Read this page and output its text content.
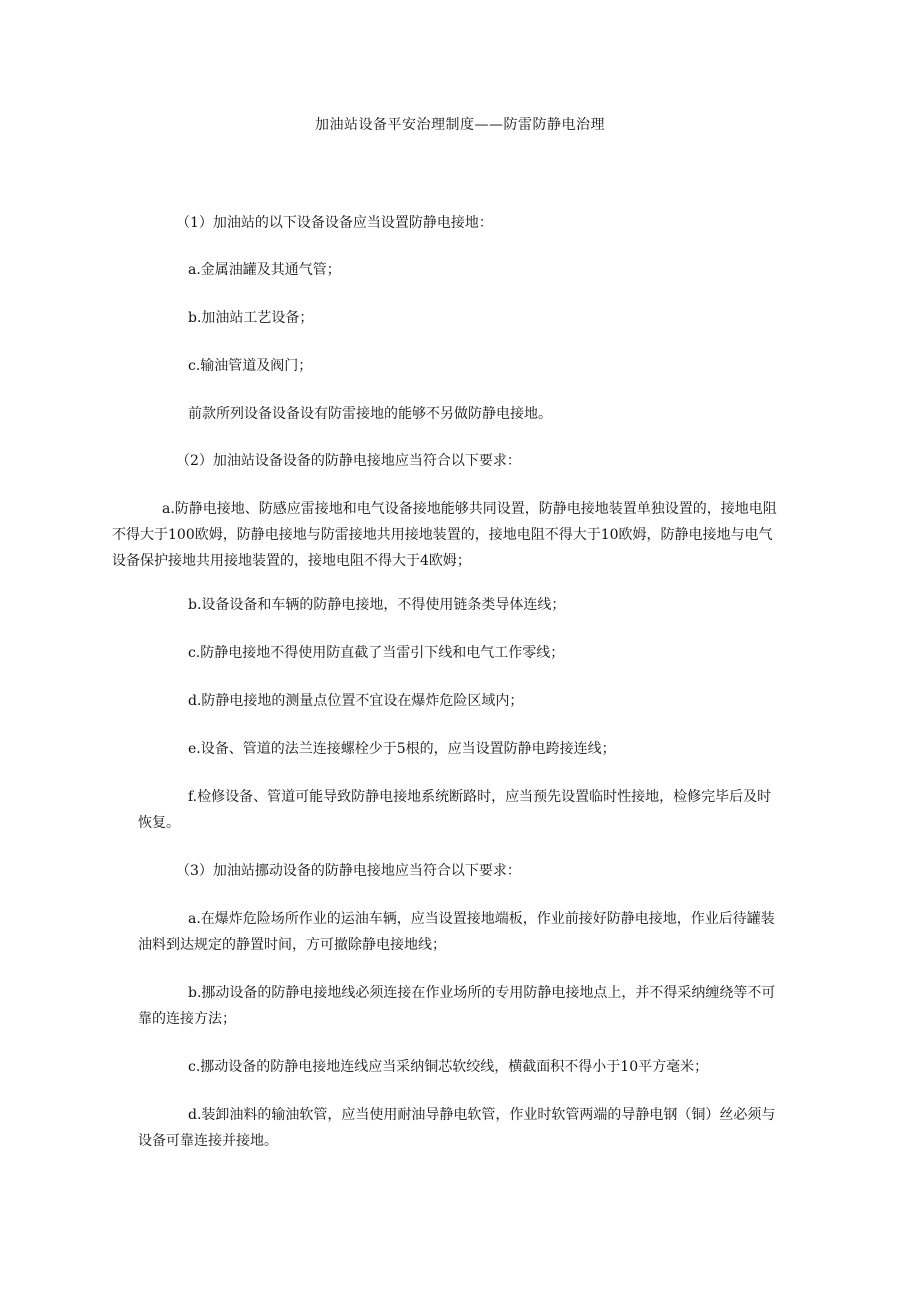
加油站设备平安治理制度——防雷防静电治理

（1）加油站的以下设备设备应当设置防静电接地：

a.金属油罐及其通气管；

b.加油站工艺设备；

c.输油管道及阀门；

前款所列设备设备设有防雷接地的能够不另做防静电接地。

（2）加油站设备设备的防静电接地应当符合以下要求：

a.防静电接地、防感应雷接地和电气设备接地能够共同设置，防静电接地装置单独设置的，接地电阻不得大于100欧姆，防静电接地与防雷接地共用接地装置的，接地电阻不得大于10欧姆，防静电接地与电气设备保护接地共用接地装置的，接地电阻不得大于4欧姆；

b.设备设备和车辆的防静电接地，不得使用链条类导体连线；

c.防静电接地不得使用防直截了当雷引下线和电气工作零线；

d.防静电接地的测量点位置不宜设在爆炸危险区域内；

e.设备、管道的法兰连接螺栓少于5根的，应当设置防静电跨接连线；

f.检修设备、管道可能导致防静电接地系统断路时，应当预先设置临时性接地，检修完毕后及时恢复。

（3）加油站挪动设备的防静电接地应当符合以下要求：

a.在爆炸危险场所作业的运油车辆，应当设置接地端板，作业前接好防静电接地，作业后待罐装油料到达规定的静置时间，方可撤除静电接地线；

b.挪动设备的防静电接地线必须连接在作业场所的专用防静电接地点上，并不得采纳缠绕等不可靠的连接方法；

c.挪动设备的防静电接地连线应当采纳铜芯软绞线，横截面积不得小于10平方毫米；

d.装卸油料的输油软管，应当使用耐油导静电软管，作业时软管两端的导静电钢（铜）丝必须与设备可靠连接并接地。
